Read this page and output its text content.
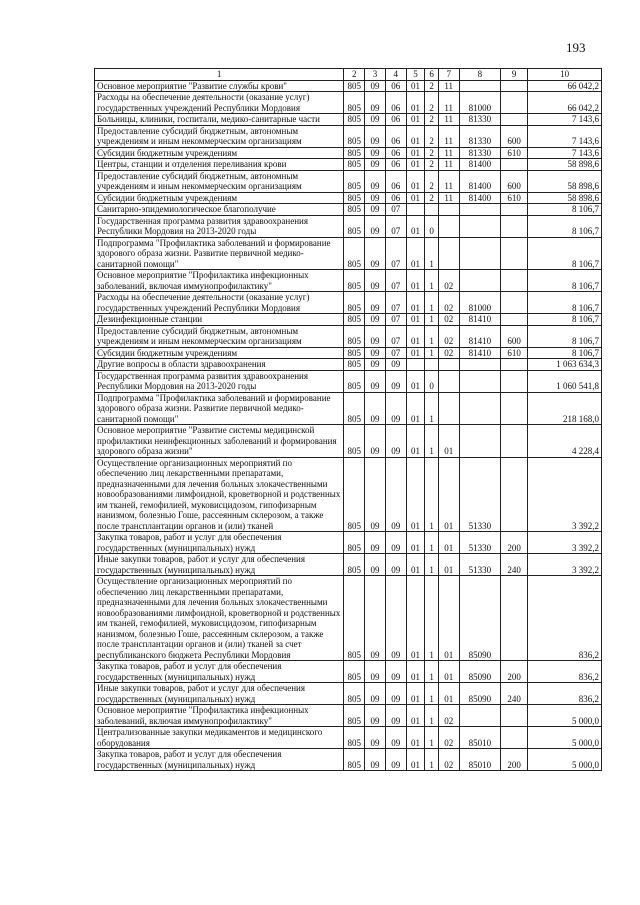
193
1	2	3	4	5	6	7	8	9	10
Основное мероприятие "Развитие службы крови"	805	09	06	01	2	11			66 042,2
Расходы на обеспечение деятельности (оказание услуг) государственных учреждений Республики Мордовия	805	09	06	01	2	11	81000		66 042,2
Больницы, клиники, госпитали, медико-санитарные части	805	09	06	01	2	11	81330		7 143,6
Предоставление субсидий бюджетным, автономным учреждениям и иным некоммерческим организациям	805	09	06	01	2	11	81330	600	7 143,6
Субсидии бюджетным учреждениям	805	09	06	01	2	11	81330	610	7 143,6
Центры, станции и отделения переливания крови	805	09	06	01	2	11	81400		58 898,6
Предоставление субсидий бюджетным, автономным учреждениям и иным некоммерческим организациям	805	09	06	01	2	11	81400	600	58 898,6
Субсидии бюджетным учреждениям	805	09	06	01	2	11	81400	610	58 898,6
Санитарно-эпидемиологическое благополучие	805	09	07						8 106,7
Государственная программа развития здравоохранения Республики Мордовия на 2013-2020 годы	805	09	07	01	0				8 106,7
Подпрограмма "Профилактика заболеваний и формирование здорового образа жизни. Развитие первичной медико-санитарной помощи"	805	09	07	01	1				8 106,7
Основное мероприятие "Профилактика инфекционных заболеваний, включая иммунопрофилактику"	805	09	07	01	1	02			8 106,7
Расходы на обеспечение деятельности (оказание услуг) государственных учреждений Республики Мордовия	805	09	07	01	1	02	81000		8 106,7
Дезинфекционные станции	805	09	07	01	1	02	81410		8 106,7
Предоставление субсидий бюджетным, автономным учреждениям и иным некоммерческим организациям	805	09	07	01	1	02	81410	600	8 106,7
Субсидии бюджетным учреждениям	805	09	07	01	1	02	81410	610	8 106,7
Другие вопросы в области здравоохранения	805	09	09						1 063 634,3
Государственная программа развития здравоохранения Республики Мордовия на 2013-2020 годы	805	09	09	01	0				1 060 541,8
Подпрограмма "Профилактика заболеваний и формирование здорового образа жизни. Развитие первичной медико-санитарной помощи"	805	09	09	01	1				218 168,0
Основное мероприятие "Развитие системы медицинской профилактики неинфекционных заболеваний и формирования здорового образа жизни"	805	09	09	01	1	01			4 228,4
Осуществление организационных мероприятий по обеспечению лиц лекарственными препаратами, предназначенными для лечения больных злокачественными новообразованиями лимфоидной, кроветворной и родственных им тканей, гемофилией, муковисцидозом, гипофизарным нанизмом, болезнью Гоше, рассеянным склерозом, а также после трансплантации органов и (или) тканей	805	09	09	01	1	01	51330		3 392,2
Закупка товаров, работ и услуг для обеспечения государственных (муниципальных) нужд	805	09	09	01	1	01	51330	200	3 392,2
Иные закупки товаров, работ и услуг для обеспечения государственных (муниципальных) нужд	805	09	09	01	1	01	51330	240	3 392,2
Осуществление организационных мероприятий по обеспечению лиц лекарственными препаратами, предназначенными для лечения больных злокачественными новообразованиями лимфоидной, кроветворной и родственных им тканей, гемофилией, муковисцидозом, гипофизарным нанизмом, болезнью Гоше, рассеянным склерозом, а также после трансплантации органов и (или) тканей за счет республиканского бюджета Республики Мордовия	805	09	09	01	1	01	85090		836,2
Закупка товаров, работ и услуг для обеспечения государственных (муниципальных) нужд	805	09	09	01	1	01	85090	200	836,2
Иные закупки товаров, работ и услуг для обеспечения государственных (муниципальных) нужд	805	09	09	01	1	01	85090	240	836,2
Основное мероприятие "Профилактика инфекционных заболеваний, включая иммунопрофилактику"	805	09	09	01	1	02			5 000,0
Централизованные закупки медикаментов и медицинского оборудования	805	09	09	01	1	02	85010		5 000,0
Закупка товаров, работ и услуг для обеспечения государственных (муниципальных) нужд	805	09	09	01	1	02	85010	200	5 000,0
